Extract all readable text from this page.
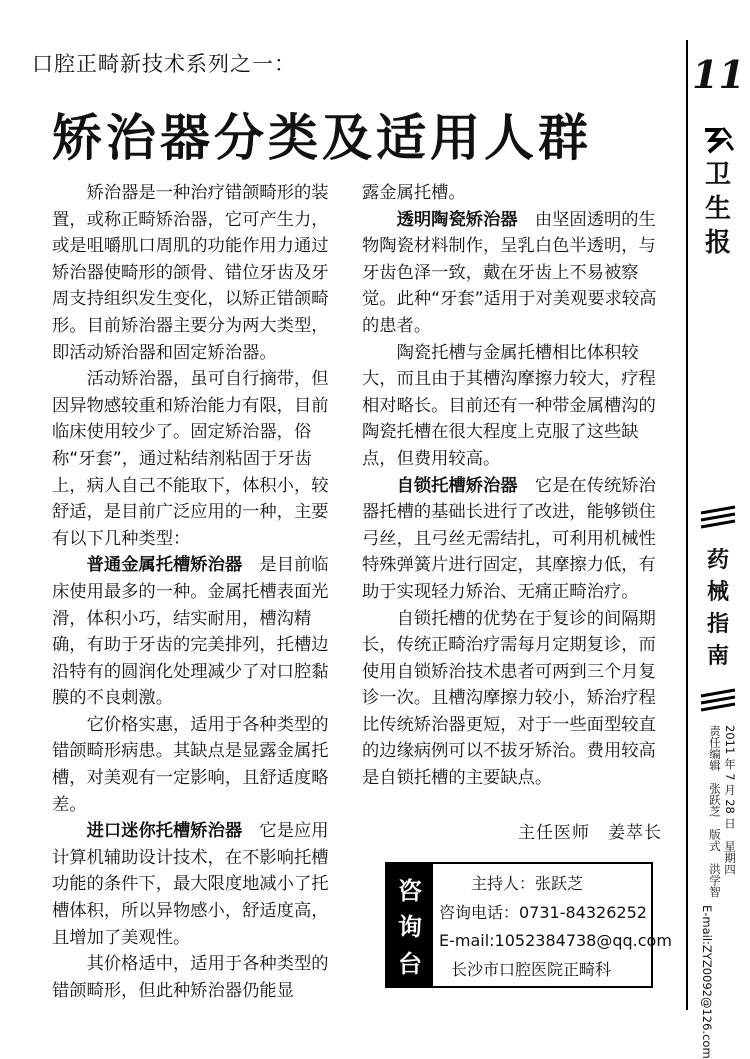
口腔正畸新技术系列之一：
矫治器分类及适用人群

矫治器是一种治疗错颌畸形的装置，或称正畸矫治器，它可产生力，或是咀嚼肌口周肌的功能作用力通过矫治器使畸形的颌骨、错位牙齿及牙周支持组织发生变化，以矫正错颌畸形。目前矫治器主要分为两大类型，即活动矫治器和固定矫治器。

活动矫治器，虽可自行摘带，但因异物感较重和矫治能力有限，目前临床使用较少了。固定矫治器，俗称“牙套”，通过粘结剂粘固于牙齿上，病人自己不能取下，体积小，较舒适，是目前广泛应用的一种，主要有以下几种类型：

普通金属托槽矫治器　是目前临床使用最多的一种。金属托槽表面光滑，体积小巧，结实耐用，槽沟精确，有助于牙齿的完美排列，托槽边沿特有的圆润化处理减少了对口腔黏膜的不良刺激。

它价格实惠，适用于各种类型的错颌畸形病患。其缺点是显露金属托槽，对美观有一定影响，且舒适度略差。

进口迷你托槽矫治器　它是应用计算机辅助设计技术，在不影响托槽功能的条件下，最大限度地减小了托槽体积，所以异物感小，舒适度高，且增加了美观性。

其价格适中，适用于各种类型的错颌畸形，但此种矫治器仍能显

露金属托槽。

透明陶瓷矫治器　由坚固透明的生物陶瓷材料制作，呈乳白色半透明，与牙齿色泽一致，戴在牙齿上不易被察觉。此种“牙套”适用于对美观要求较高的患者。

陶瓷托槽与金属托槽相比体积较大，而且由于其槽沟摩擦力较大，疗程相对略长。目前还有一种带金属槽沟的陶瓷托槽在很大程度上克服了这些缺点，但费用较高。

自锁托槽矫治器　它是在传统矫治器托槽的基础长进行了改进，能够锁住弓丝，且弓丝无需结扎，可利用机械性特殊弹簧片进行固定，其摩擦力低，有助于实现轻力矫治、无痛正畸治疗。

自锁托槽的优势在于复诊的间隔期长，传统正畸治疗需每月定期复诊，而使用自锁矫治技术患者可两到三个月复诊一次。且槽沟摩擦力较小，矫治疗程比传统矫治器更短，对于一些面型较直的边缘病例可以不拔牙矫治。费用较高是自锁托槽的主要缺点。

主任医师　姜萃长
咨
询
台
主持人：张跃芝
咨询电话：0731-84326252
E-mail:1052384738@qq.com
长沙市口腔医院正畸科
11
卫生报
药械指南
2011 年 7 月 28 日　星期四
责任编辑　张跃芝　版式　洪学智
E-mail:ZYZ0092@126.com
